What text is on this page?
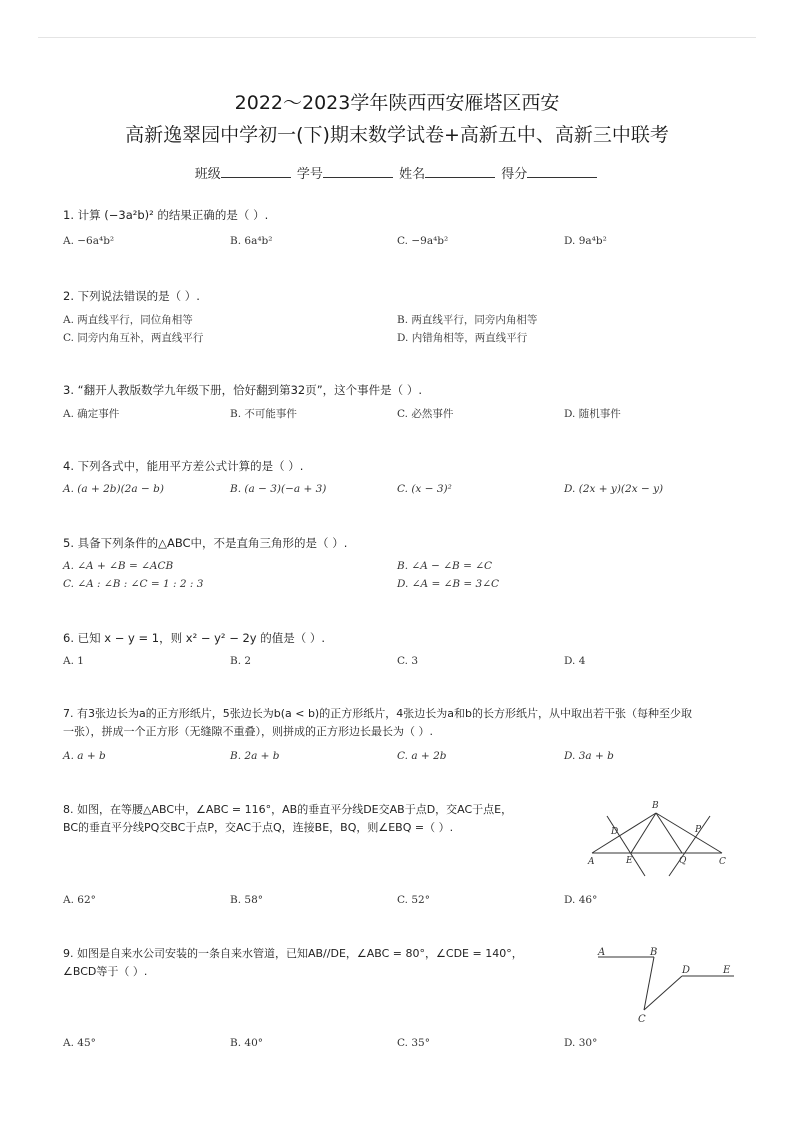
2022～2023学年陕西西安雁塔区西安
高新逸翠园中学初一(下)期末数学试卷+高新五中、高新三中联考
班级	学号	姓名	得分
1. 计算 (−3a²b)² 的结果正确的是（ ）.
A. −6a⁴b²	B. 6a⁴b²	C. −9a⁴b²	D. 9a⁴b²
2. 下列说法错误的是（ ）.
A. 两直线平行，同位角相等	B. 两直线平行，同旁内角相等
C. 同旁内角互补，两直线平行	D. 内错角相等，两直线平行
3. “翻开人教版数学九年级下册，恰好翻到第32页”，这个事件是（ ）.
A. 确定事件	B. 不可能事件	C. 必然事件	D. 随机事件
4. 下列各式中，能用平方差公式计算的是（ ）.
A. (a + 2b)(2a − b)	B. (a − 3)(−a + 3)	C. (x − 3)²	D. (2x + y)(2x − y)
5. 具备下列条件的△ABC中，不是直角三角形的是（ ）.
A. ∠A + ∠B = ∠ACB	B. ∠A − ∠B = ∠C
C. ∠A : ∠B : ∠C = 1 : 2 : 3	D. ∠A = ∠B = 3∠C
6. 已知 x − y = 1，则 x² − y² − 2y 的值是（ ）.
A. 1	B. 2	C. 3	D. 4
7. 有3张边长为a的正方形纸片，5张边长为b(a < b)的正方形纸片，4张边长为a和b的长方形纸片，从中取出若干张（每种至少取
一张），拼成一个正方形（无缝隙不重叠），则拼成的正方形边长最长为（ ）.
A. a + b	B. 2a + b	C. a + 2b	D. 3a + b
8. 如图，在等腰△ABC中，∠ABC = 116°，AB的垂直平分线DE交AB于点D，交AC于点E，
BC的垂直平分线PQ交BC于点P，交AC于点Q，连接BE，BQ，则∠EBQ =（ ）.
B
D	P
A	E	Q	C
A. 62°	B. 58°	C. 52°	D. 46°
9. 如图是自来水公司安装的一条自来水管道，已知AB//DE，∠ABC = 80°，∠CDE = 140°，
∠BCD等于（ ）.
A	B
D	E
C
A. 45°	B. 40°	C. 35°	D. 30°
